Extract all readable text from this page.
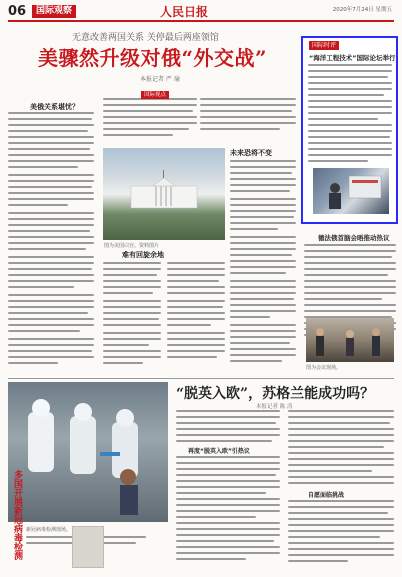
06	国际观察	人民日报	2020年7月24日 星期五
无意改善两国关系 关停最后两座领馆
美骤然升级对俄“外交战”
本报记者 严 瑜
美俄关系堪忧？
国际视点
图为美国白宫。资料图片
未来恐将不变
难有回旋余地
国际时评
“海洋工程技术”国际论坛举行
德法俄首脑会晤推动热议
图为会议现场。
多国开展新冠病毒检测 新冠病毒检测现场。
“脱英入欧”，苏格兰能成功吗？
本报记者 陈 涛
再度“脱英入欧”引热议
自愿面临挑战
